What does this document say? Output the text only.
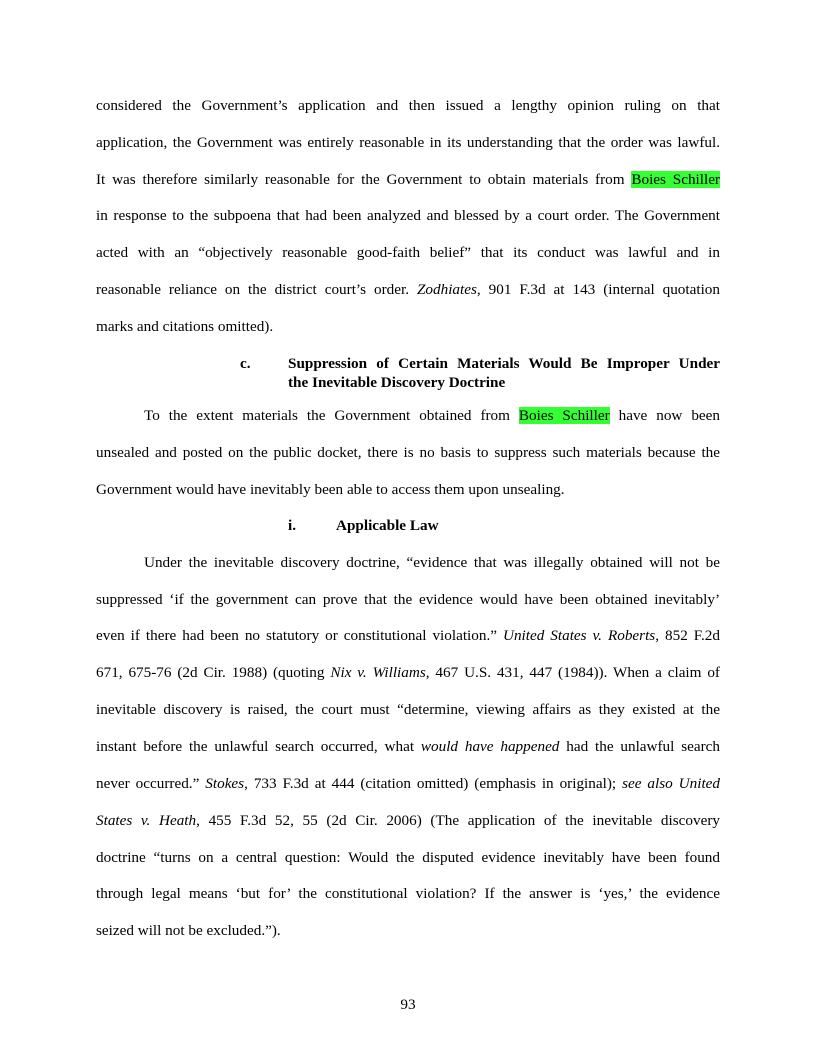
considered the Government’s application and then issued a lengthy opinion ruling on that
application, the Government was entirely reasonable in its understanding that the order was lawful.
It was therefore similarly reasonable for the Government to obtain materials from Boies Schiller
in response to the subpoena that had been analyzed and blessed by a court order. The Government
acted with an “objectively reasonable good-faith belief” that its conduct was lawful and in
reasonable reliance on the district court’s order. Zodhiates, 901 F.3d at 143 (internal quotation
marks and citations omitted).
c. Suppression of Certain Materials Would Be Improper Under
the Inevitable Discovery Doctrine
To the extent materials the Government obtained from Boies Schiller have now been
unsealed and posted on the public docket, there is no basis to suppress such materials because the
Government would have inevitably been able to access them upon unsealing.
i.	Applicable Law
Under the inevitable discovery doctrine, “evidence that was illegally obtained will not be
suppressed ‘if the government can prove that the evidence would have been obtained inevitably’
even if there had been no statutory or constitutional violation.” United States v. Roberts, 852 F.2d
671, 675-76 (2d Cir. 1988) (quoting Nix v. Williams, 467 U.S. 431, 447 (1984)). When a claim of
inevitable discovery is raised, the court must “determine, viewing affairs as they existed at the
instant before the unlawful search occurred, what would have happened had the unlawful search
never occurred.” Stokes, 733 F.3d at 444 (citation omitted) (emphasis in original); see also United
States v. Heath, 455 F.3d 52, 55 (2d Cir. 2006) (The application of the inevitable discovery
doctrine “turns on a central question: Would the disputed evidence inevitably have been found
through legal means ‘but for’ the constitutional violation? If the answer is ‘yes,’ the evidence
seized will not be excluded.”).
93
